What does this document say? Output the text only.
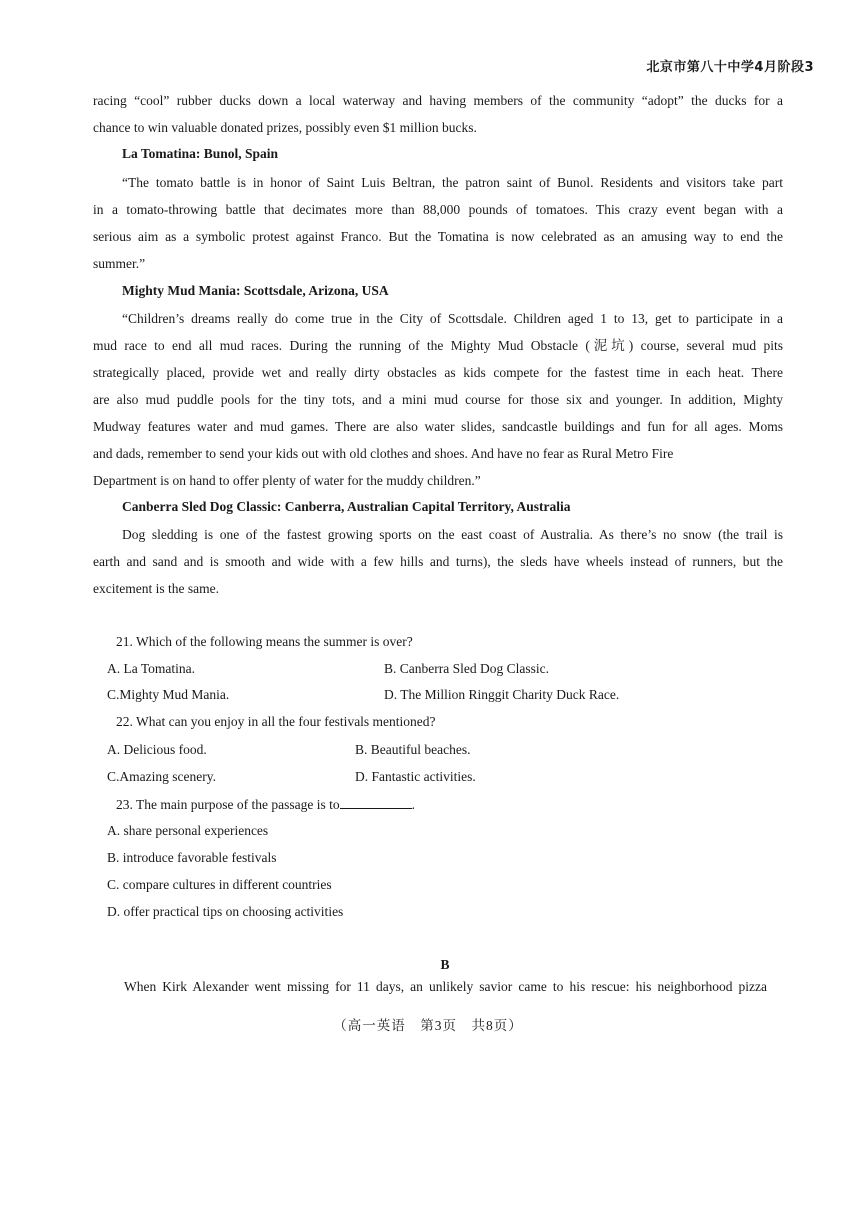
北京市第八十中学4月阶段3
racing “cool” rubber ducks down a local waterway and having members of the community “adopt” the ducks for a
chance to win valuable donated prizes, possibly even $1 million bucks.
La Tomatina: Bunol, Spain
“The tomato battle is in honor of Saint Luis Beltran, the patron saint of Bunol. Residents and visitors take part
in a tomato-throwing battle that decimates more than 88,000 pounds of tomatoes. This crazy event began with a
serious aim as a symbolic protest against Franco. But the Tomatina is now celebrated as an amusing way to end the
summer.”
Mighty Mud Mania: Scottsdale, Arizona, USA
“Children’s dreams really do come true in the City of Scottsdale. Children aged 1 to 13, get to participate in a
mud race to end all mud races. During the running of the Mighty Mud Obstacle (泥坑) course, several mud pits
strategically placed, provide wet and really dirty obstacles as kids compete for the fastest time in each heat. There
are also mud puddle pools for the tiny tots, and a mini mud course for those six and younger. In addition, Mighty
Mudway features water and mud games. There are also water slides, sandcastle buildings and fun for all ages. Moms
and dads, remember to send your kids out with old clothes and shoes. And have no fear as Rural Metro Fire
Department is on hand to offer plenty of water for the muddy children.”
Canberra Sled Dog Classic: Canberra, Australian Capital Territory, Australia
Dog sledding is one of the fastest growing sports on the east coast of Australia. As there’s no snow (the trail is
earth and sand and is smooth and wide with a few hills and turns), the sleds have wheels instead of runners, but the
excitement is the same.
21. Which of the following means the summer is over?
A. La Tomatina.	B. Canberra Sled Dog Classic.
C.Mighty Mud Mania.	D. The Million Ringgit Charity Duck Race.
22. What can you enjoy in all the four festivals mentioned?
A. Delicious food.	B. Beautiful beaches.
C.Amazing scenery.	D. Fantastic activities.
23. The main purpose of the passage is to	.
A. share personal experiences
B. introduce favorable festivals
C. compare cultures in different countries
D. offer practical tips on choosing activities
B
When Kirk Alexander went missing for 11 days, an unlikely savior came to his rescue: his neighborhood pizza
（高一英语　第3页　共8页）
